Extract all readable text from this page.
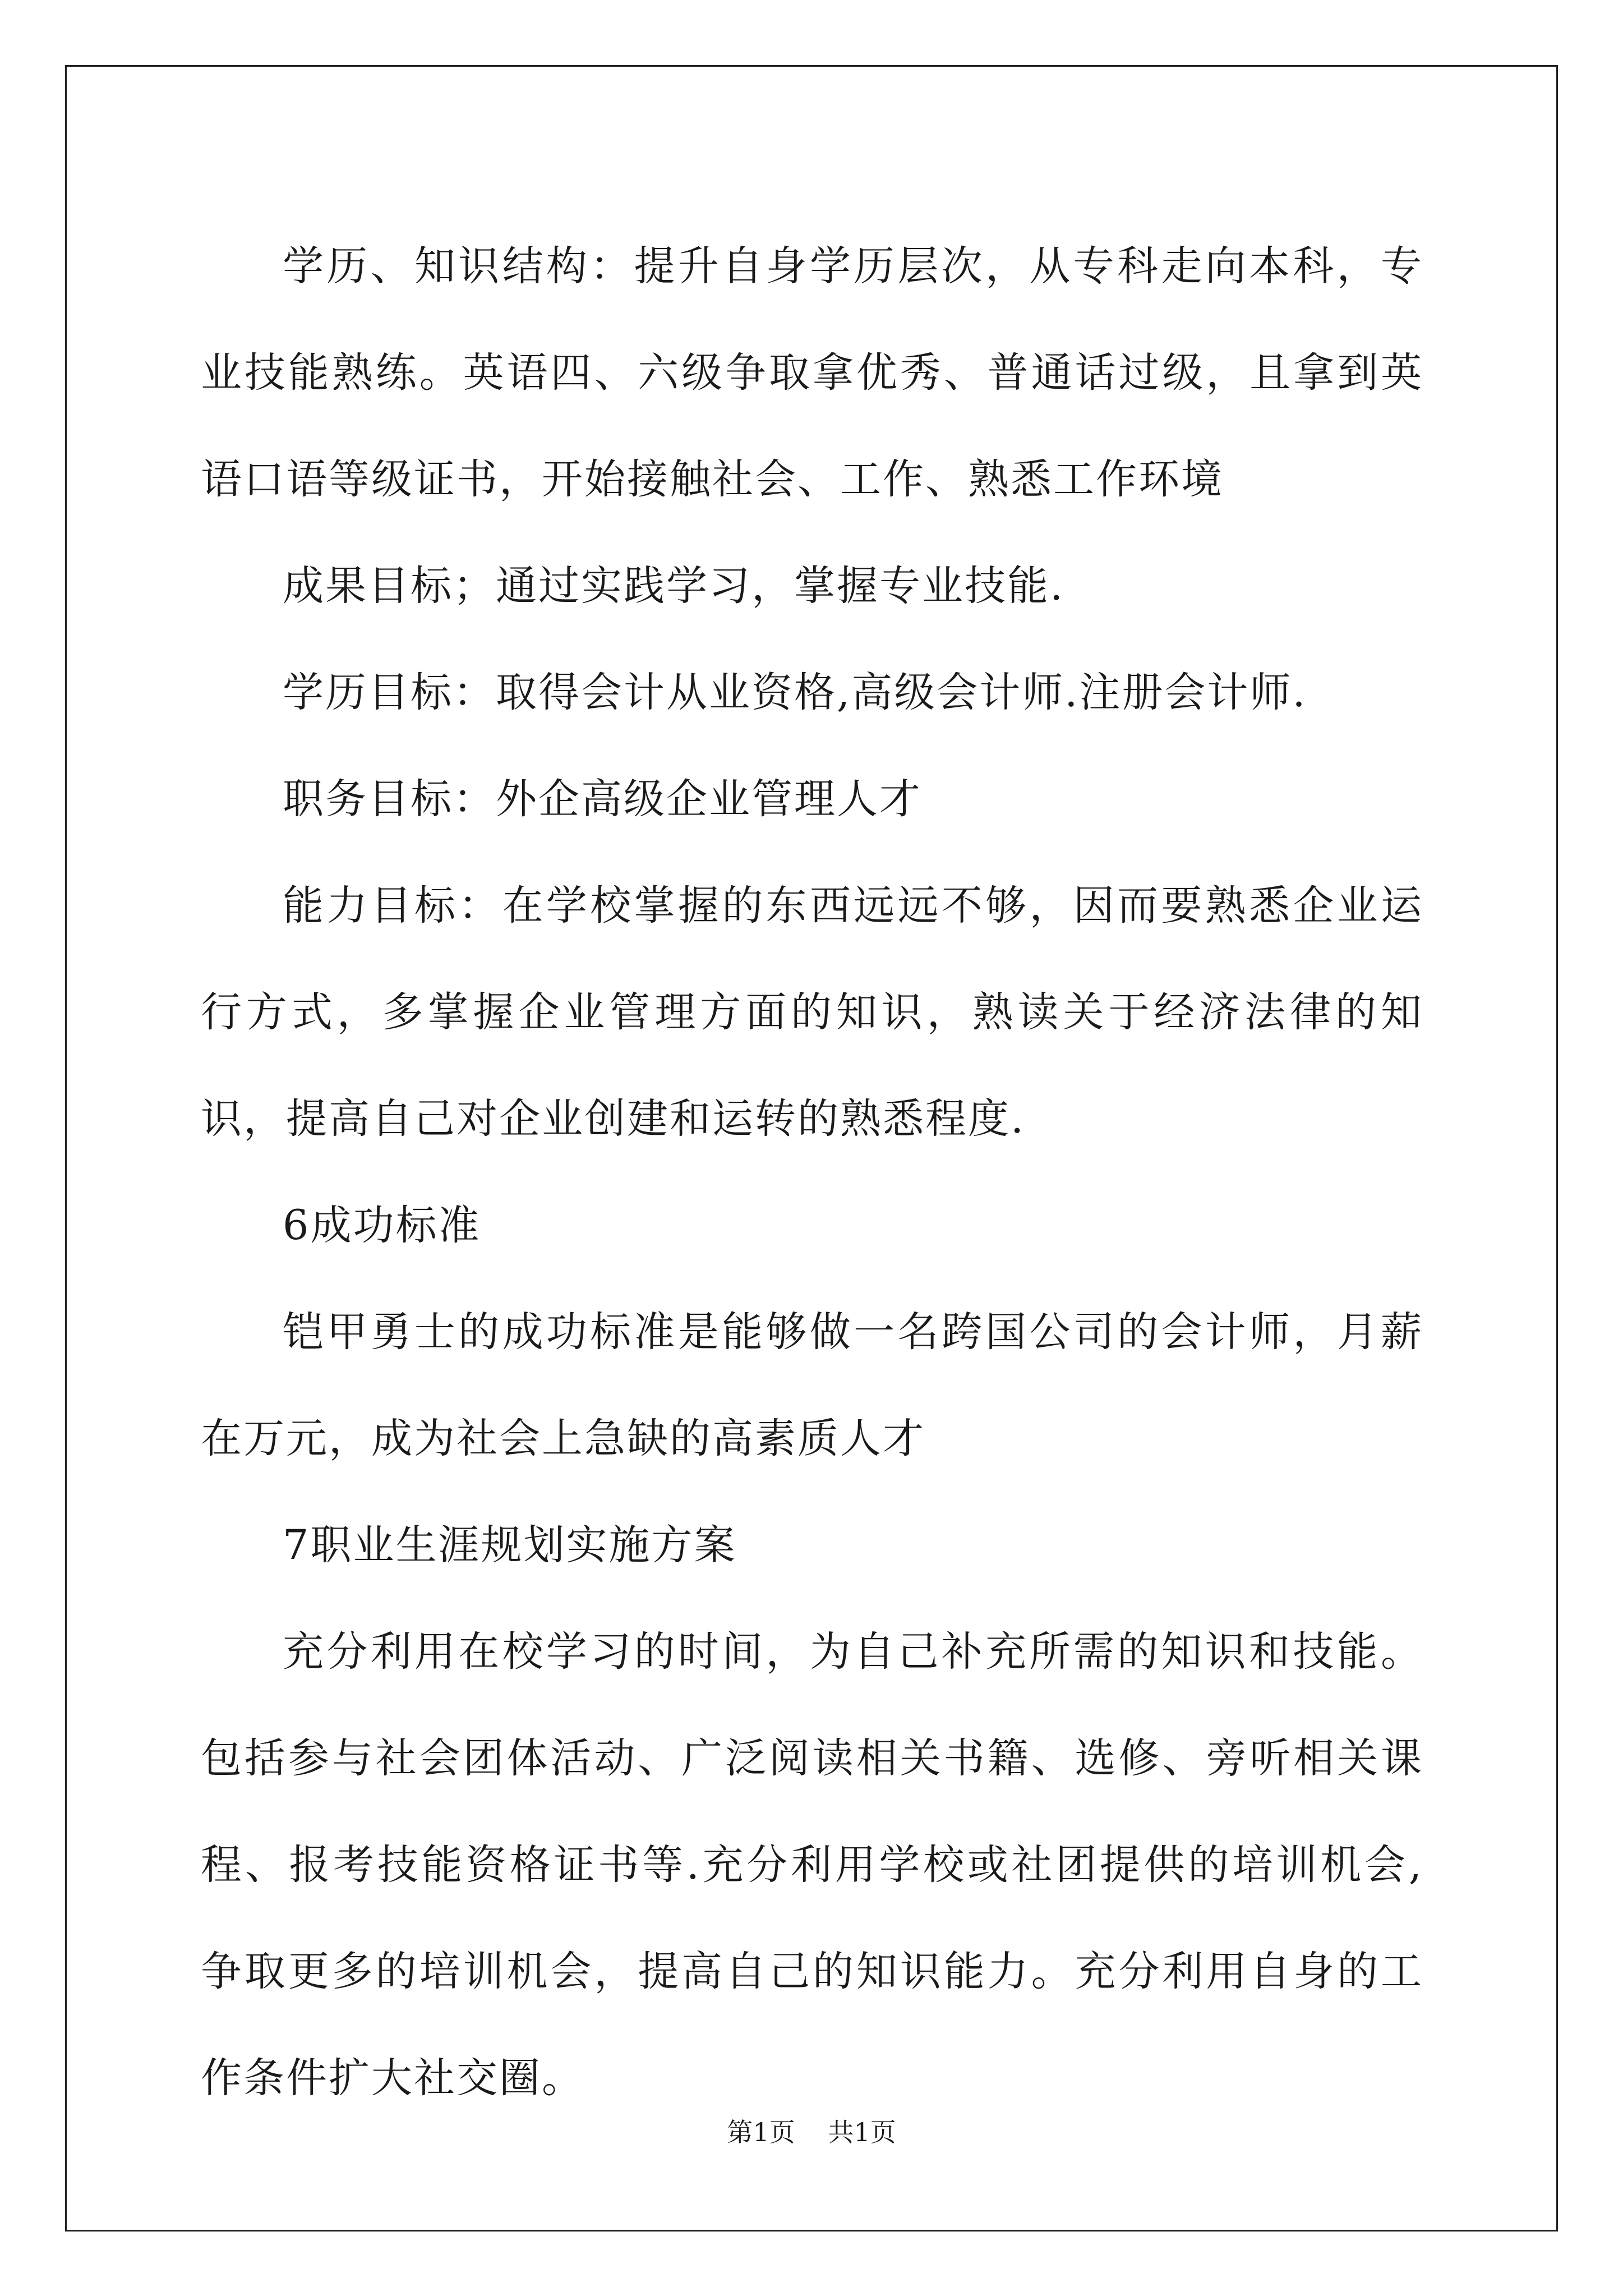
学历、知识结构：提升自身学历层次，从专科走向本科，专业技能熟练。英语四、六级争取拿优秀、普通话过级，且拿到英语口语等级证书，开始接触社会、工作、熟悉工作环境

成果目标；通过实践学习，掌握专业技能.

学历目标：取得会计从业资格,高级会计师.注册会计师.

职务目标：外企高级企业管理人才

能力目标：在学校掌握的东西远远不够，因而要熟悉企业运行方式，多掌握企业管理方面的知识，熟读关于经济法律的知识，提高自己对企业创建和运转的熟悉程度.

6成功标准

铠甲勇士的成功标准是能够做一名跨国公司的会计师，月薪在万元，成为社会上急缺的高素质人才

7职业生涯规划实施方案

充分利用在校学习的时间，为自己补充所需的知识和技能。包括参与社会团体活动、广泛阅读相关书籍、选修、旁听相关课程、报考技能资格证书等.充分利用学校或社团提供的培训机会,争取更多的培训机会，提高自己的知识能力。充分利用自身的工作条件扩大社交圈。

第1页 共1页
